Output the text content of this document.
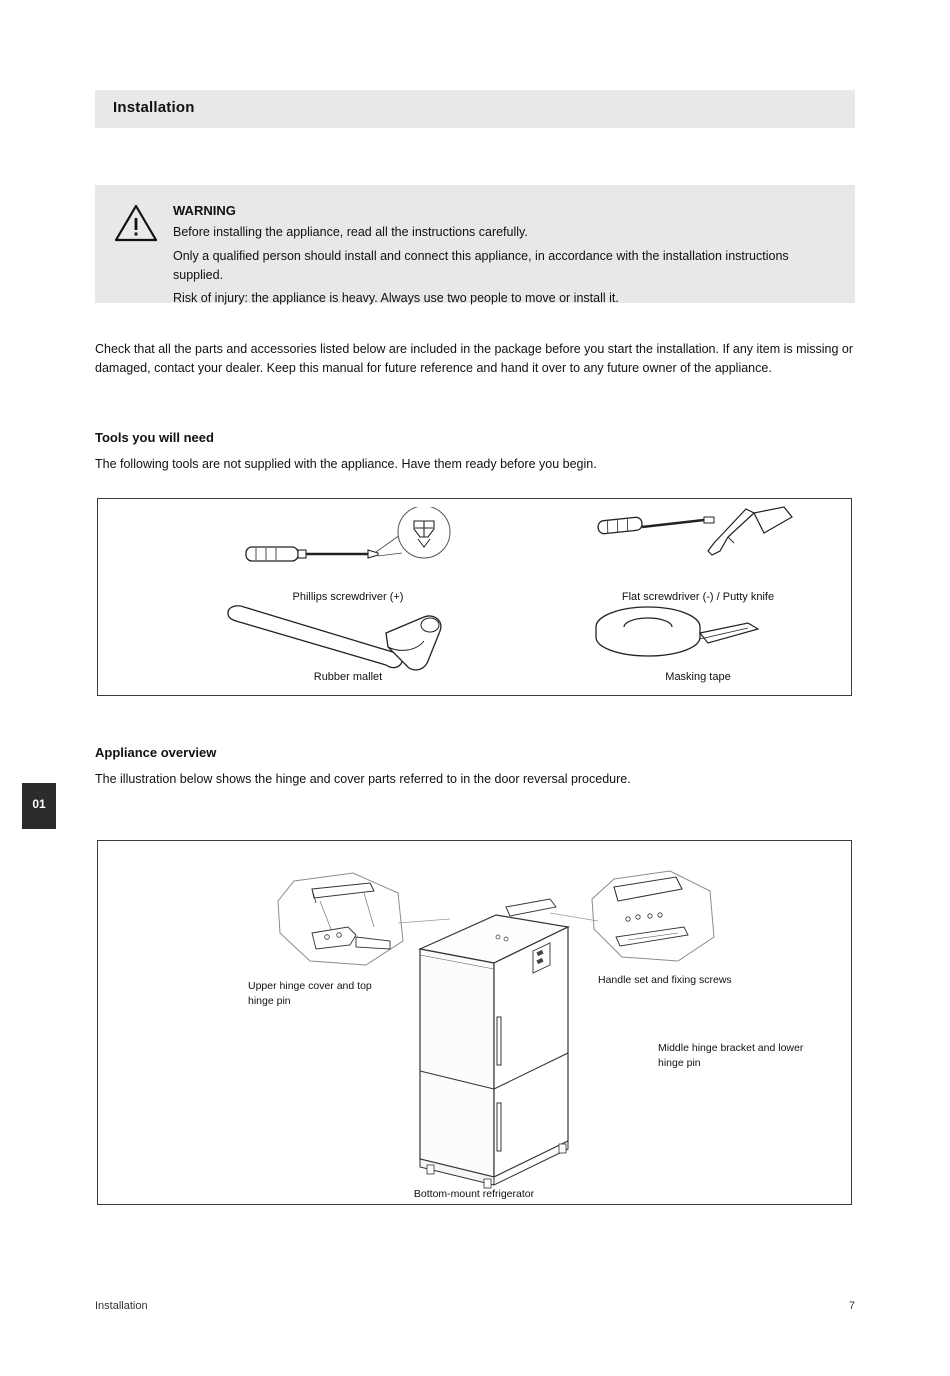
Installation
WARNING

Before installing the appliance, read all the instructions carefully.

Only a qualified person should install and connect this appliance, in accordance with the installation instructions supplied.

Risk of injury: the appliance is heavy. Always use two people to move or install it.

Check that all the parts and accessories listed below are included in the package before you start the installation. If any item is missing or damaged, contact your dealer. Keep this manual for future reference and hand it over to any future owner of the appliance.
Tools you will need
The following tools are not supplied with the appliance. Have them ready before you begin.
Phillips screwdriver (+)	Flat screwdriver (-) / Putty knife
Rubber mallet	Masking tape
Appliance overview
The illustration below shows the hinge and cover parts referred to in the door reversal procedure.
01
Bottom-mount refrigerator
Upper hinge cover and top hinge pin
Handle set and fixing screws
Middle hinge bracket and lower hinge pin
Installation	7
